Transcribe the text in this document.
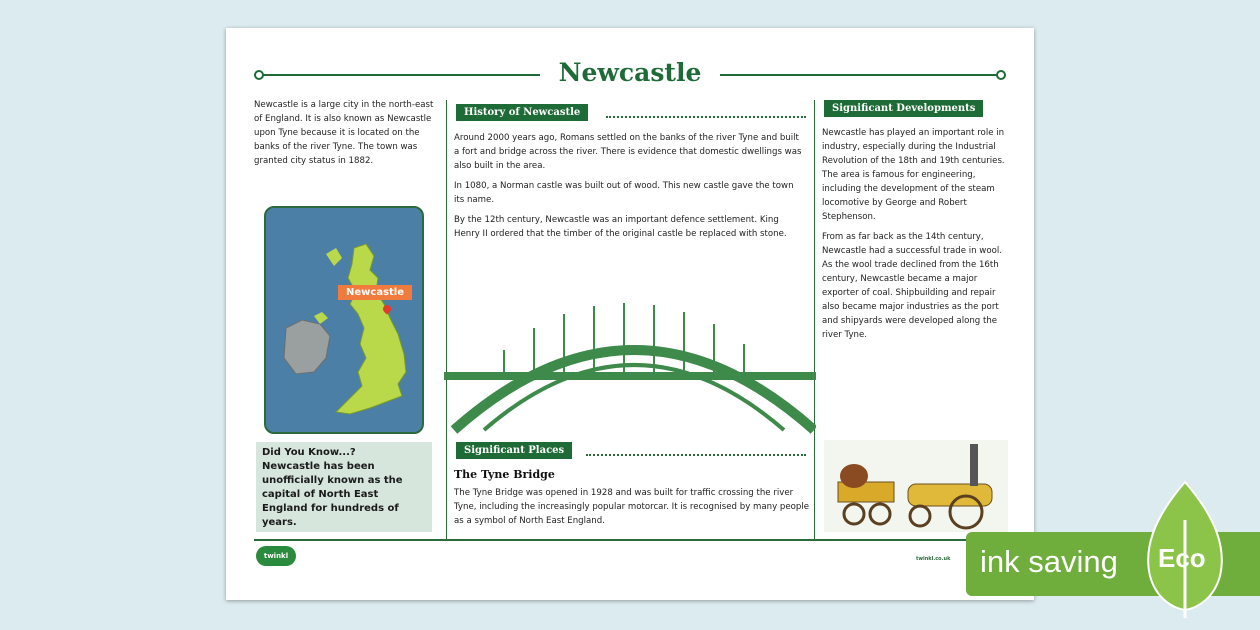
Newcastle
Newcastle is a large city in the north-east of England. It is also known as Newcastle upon Tyne because it is located on the banks of the river Tyne. The town was granted city status in 1882.
Newcastle
Did You Know...?
Newcastle has been unofficially known as the capital of North East England for hundreds of years.
History of Newcastle

Around 2000 years ago, Romans settled on the banks of the river Tyne and built a fort and bridge across the river. There is evidence that domestic dwellings was also built in the area.

In 1080, a Norman castle was built out of wood. This new castle gave the town its name.

By the 12th century, Newcastle was an important defence settlement. King Henry II ordered that the timber of the original castle be replaced with stone.

Significant Places
The Tyne Bridge
The Tyne Bridge was opened in 1928 and was built for traffic crossing the river Tyne, including the increasingly popular motorcar. It is recognised by many people as a symbol of North East England.
Significant Developments

Newcastle has played an important role in industry, especially during the Industrial Revolution of the 18th and 19th centuries. The area is famous for engineering, including the development of the steam locomotive by George and Robert Stephenson.

From as far back as the 14th century, Newcastle had a successful trade in wool. As the wool trade declined from the 16th century, Newcastle became a major exporter of coal. Shipbuilding and repair also became major industries as the port and shipyards were developed along the river Tyne.

twinkl	twinkl.co.uk ink saving Eco
